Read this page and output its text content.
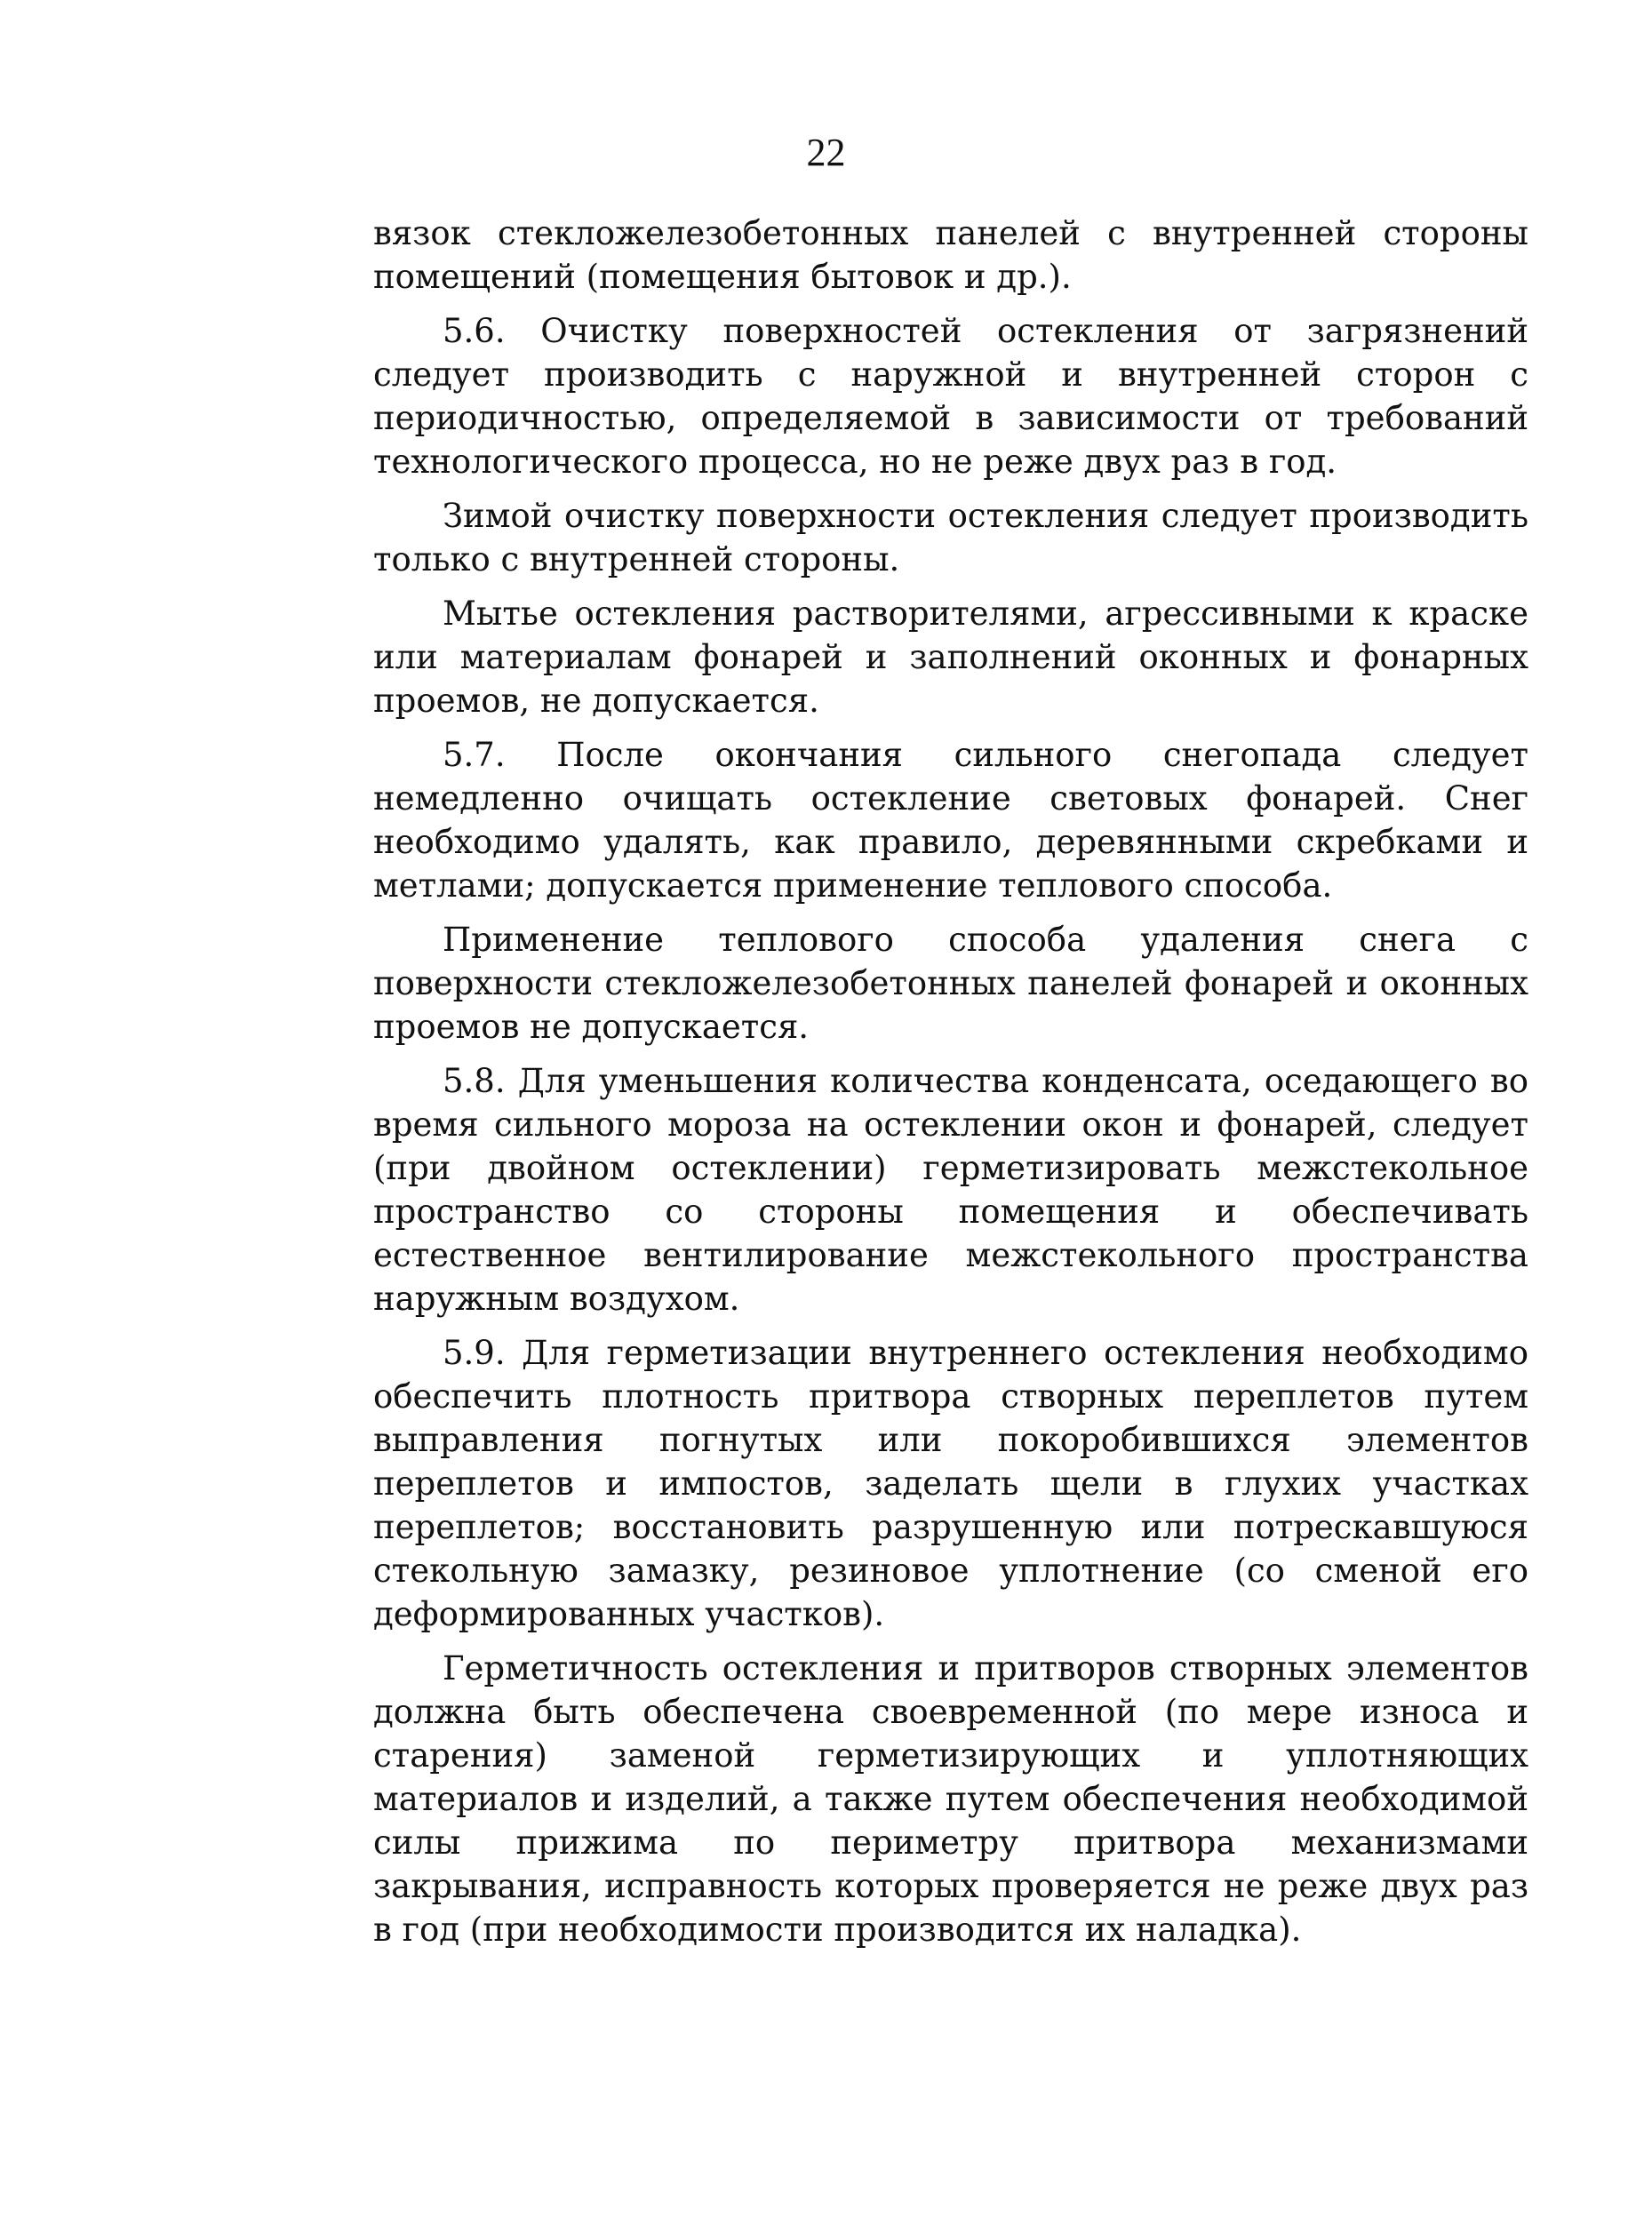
22

вязок стекложелезобетонных панелей с внутренней стороны помещений (помещения бытовок и др.).

5.6. Очистку поверхностей остекления от загрязнений следует производить с наружной и внутренней сторон с периодичностью, определяемой в зависимости от требований технологического процесса, но не реже двух раз в год.

Зимой очистку поверхности остекления следует производить только с внутренней стороны.

Мытье остекления растворителями, агрессивными к краске или материалам фонарей и заполнений оконных и фонарных проемов, не допускается.

5.7. После окончания сильного снегопада следует немедленно очищать остекление световых фонарей. Снег необходимо удалять, как правило, деревянными скребками и метлами; допускается применение теплового способа.

Применение теплового способа удаления снега с поверхности стекложелезобетонных панелей фонарей и оконных проемов не допускается.

5.8. Для уменьшения количества конденсата, оседающего во время сильного мороза на остеклении окон и фонарей, следует (при двойном остеклении) герметизировать межстекольное пространство со стороны помещения и обеспечивать естественное вентилирование межстекольного пространства наружным воздухом.

5.9. Для герметизации внутреннего остекления необходимо обеспечить плотность притвора створных переплетов путем выправления погнутых или покоробившихся элементов переплетов и импостов, заделать щели в глухих участках переплетов; восстановить разрушенную или потрескавшуюся стекольную замазку, резиновое уплотнение (со сменой его деформированных участков).

Герметичность остекления и притворов створных элементов должна быть обеспечена своевременной (по мере износа и старения) заменой герметизирующих и уплотняющих материалов и изделий, а также путем обеспечения необходимой силы прижима по периметру притвора механизмами закрывания, исправность которых проверяется не реже двух раз в год (при необходимости производится их наладка).
